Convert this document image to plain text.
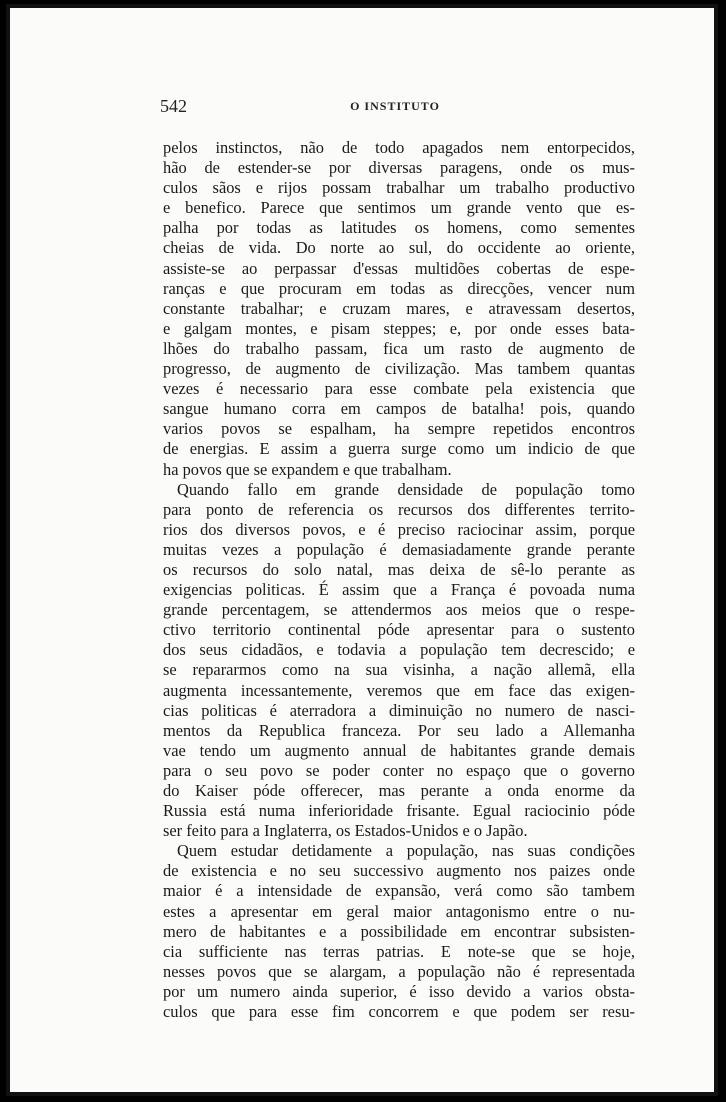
542	O INSTITUTO
pelos instinctos, não de todo apagados nem entorpecidos,
hão de estender-se por diversas paragens, onde os mus-
culos sãos e rijos possam trabalhar um trabalho productivo
e benefico. Parece que sentimos um grande vento que es-
palha por todas as latitudes os homens, como sementes
cheias de vida. Do norte ao sul, do occidente ao oriente,
assiste-se ao perpassar d'essas multidões cobertas de espe-
ranças e que procuram em todas as direcções, vencer num
constante trabalhar; e cruzam mares, e atravessam desertos,
e galgam montes, e pisam steppes; e, por onde esses bata-
lhões do trabalho passam, fica um rasto de augmento de
progresso, de augmento de civilização. Mas tambem quantas
vezes é necessario para esse combate pela existencia que
sangue humano corra em campos de batalha! pois, quando
varios povos se espalham, ha sempre repetidos encontros
de energias. E assim a guerra surge como um indicio de que
ha povos que se expandem e que trabalham.
Quando fallo em grande densidade de população tomo
para ponto de referencia os recursos dos differentes territo-
rios dos diversos povos, e é preciso raciocinar assim, porque
muitas vezes a população é demasiadamente grande perante
os recursos do solo natal, mas deixa de sê-lo perante as
exigencias politicas. É assim que a França é povoada numa
grande percentagem, se attendermos aos meios que o respe-
ctivo territorio continental póde apresentar para o sustento
dos seus cidadãos, e todavia a população tem decrescido; e
se repararmos como na sua visinha, a nação allemã, ella
augmenta incessantemente, veremos que em face das exigen-
cias politicas é aterradora a diminuição no numero de nasci-
mentos da Republica franceza. Por seu lado a Allemanha
vae tendo um augmento annual de habitantes grande demais
para o seu povo se poder conter no espaço que o governo
do Kaiser póde offerecer, mas perante a onda enorme da
Russia está numa inferioridade frisante. Egual raciocinio póde
ser feito para a Inglaterra, os Estados-Unidos e o Japão.
Quem estudar detidamente a população, nas suas condições
de existencia e no seu successivo augmento nos paizes onde
maior é a intensidade de expansão, verá como são tambem
estes a apresentar em geral maior antagonismo entre o nu-
mero de habitantes e a possibilidade em encontrar subsisten-
cia sufficiente nas terras patrias. E note-se que se hoje,
nesses povos que se alargam, a população não é representada
por um numero ainda superior, é isso devido a varios obsta-
culos que para esse fim concorrem e que podem ser resu-
